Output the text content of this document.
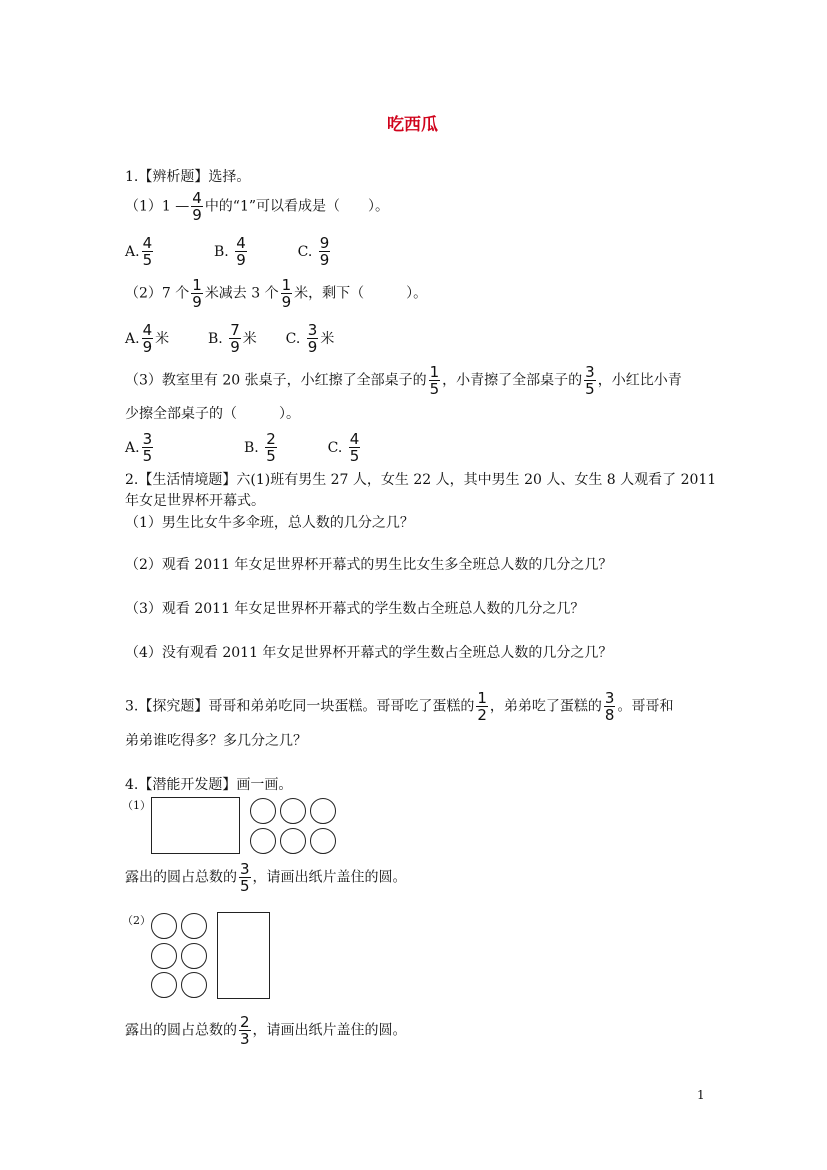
吃西瓜
1.【辨析题】选择。
（1）1 — $\frac{4}{9}$ 中的“1”可以看成是（　　）。
A. $\frac{4}{5}$	B. $\frac{4}{9}$	C. $\frac{9}{9}$
（2）7 个 $\frac{1}{9}$ 米减去 3 个 $\frac{1}{9}$ 米，剩下（　　　）。
A. $\frac{4}{9}$ 米	B. $\frac{7}{9}$ 米 C. $\frac{3}{9}$ 米
（3）教室里有 20 张桌子，小红擦了全部桌子的 $\frac{1}{5}$ ，小青擦了全部桌子的 $\frac{3}{5}$ ，小红比小青
少擦全部桌子的（　　　）。
A. $\frac{3}{5}$	B. $\frac{2}{5}$	C. $\frac{4}{5}$
2.【生活情境题】六(1)班有男生 27 人，女生 22 人，其中男生 20 人、女生 8 人观看了 2011
年女足世界杯开幕式。
（1）男生比女牛多伞班，总人数的几分之几？
（2）观看 2011 年女足世界杯开幕式的男生比女生多全班总人数的几分之几？
（3）观看 2011 年女足世界杯开幕式的学生数占全班总人数的几分之几？
（4）没有观看 2011 年女足世界杯开幕式的学生数占全班总人数的几分之几？
3.【探究题】哥哥和弟弟吃同一块蛋糕。哥哥吃了蛋糕的 $\frac{1}{2}$ ，弟弟吃了蛋糕的 $\frac{3}{8}$ 。哥哥和
弟弟谁吃得多？多几分之几？
4.【潜能开发题】画一画。
（1）
露出的圆占总数的 $\frac{3}{5}$ ，请画出纸片盖住的圆。
（2）
露出的圆占总数的 $\frac{2}{3}$ ，请画出纸片盖住的圆。
1
